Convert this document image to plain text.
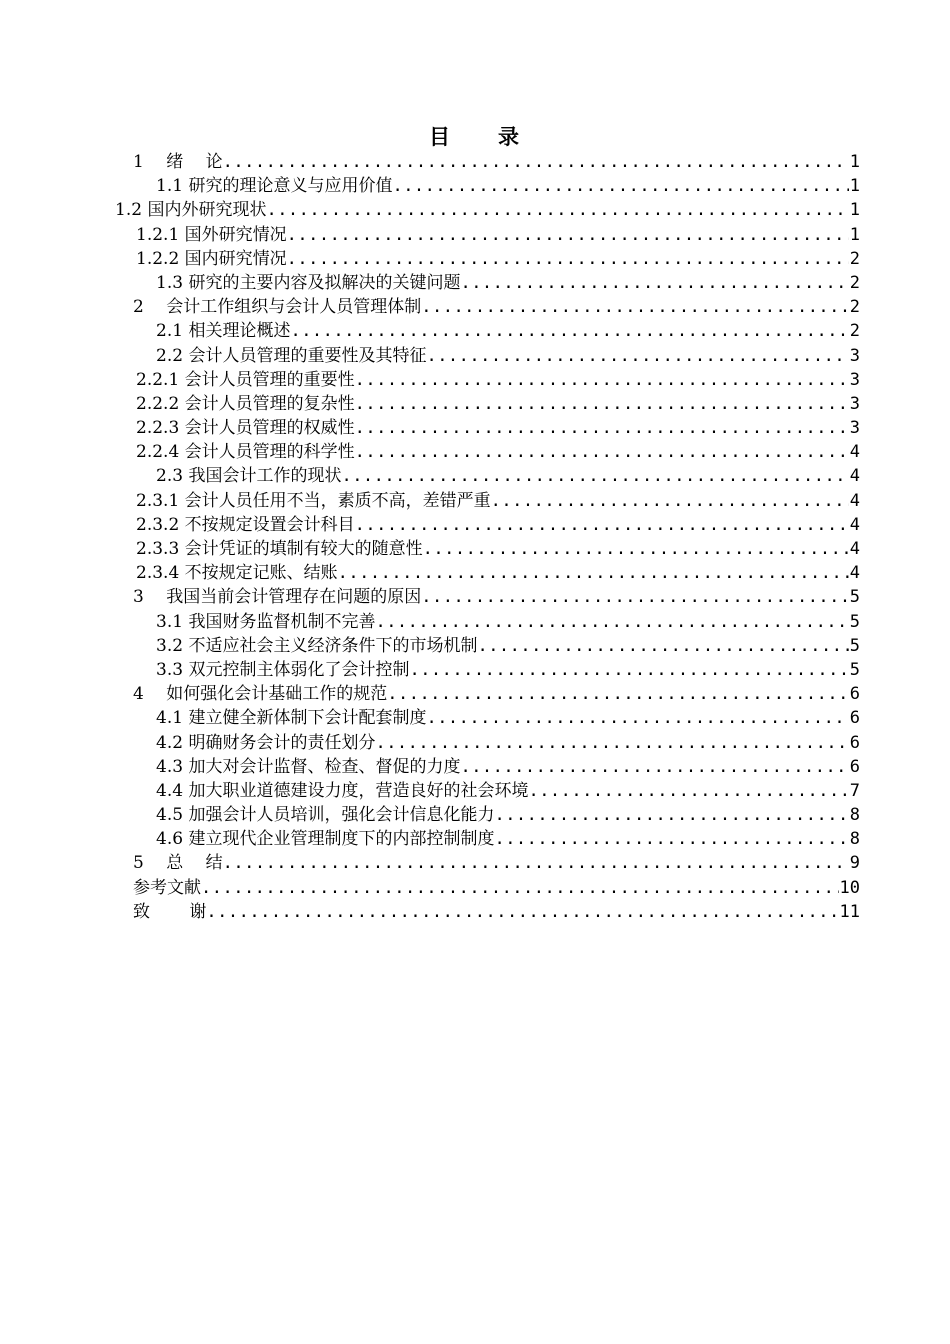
目　　录
1　 绪　 论 .....	1
1.1 研究的理论意义与应用价值 .....	1
1.2 国内外研究现状 .....	1
1.2.1 国外研究情况 .....	1
1.2.2 国内研究情况 .....	2
1.3 研究的主要内容及拟解决的关键问题 .....	2
2　 会计工作组织与会计人员管理体制 .....	2
2.1 相关理论概述 .....	2
2.2 会计人员管理的重要性及其特征 .....	3
2.2.1 会计人员管理的重要性 .....	3
2.2.2 会计人员管理的复杂性 .....	3
2.2.3 会计人员管理的权威性 .....	3
2.2.4 会计人员管理的科学性 .....	4
2.3 我国会计工作的现状 .....	4
2.3.1 会计人员任用不当，素质不高，差错严重 .....	4
2.3.2 不按规定设置会计科目 .....	4
2.3.3 会计凭证的填制有较大的随意性 .....	4
2.3.4 不按规定记账、结账 .....	4
3　 我国当前会计管理存在问题的原因 .....	5
3.1 我国财务监督机制不完善 .....	5
3.2 不适应社会主义经济条件下的市场机制 .....	5
3.3 双元控制主体弱化了会计控制 .....	5
4　 如何强化会计基础工作的规范 .....	6
4.1 建立健全新体制下会计配套制度 .....	6
4.2 明确财务会计的责任划分 .....	6
4.3 加大对会计监督、检查、督促的力度 .....	6
4.4 加大职业道德建设力度，营造良好的社会环境 .....	7
4.5 加强会计人员培训，强化会计信息化能力 .....	8
4.6 建立现代企业管理制度下的内部控制制度 .....	8
5　 总　 结 .....	9
参考文献 .....	10
致　　 谢 .....	11
